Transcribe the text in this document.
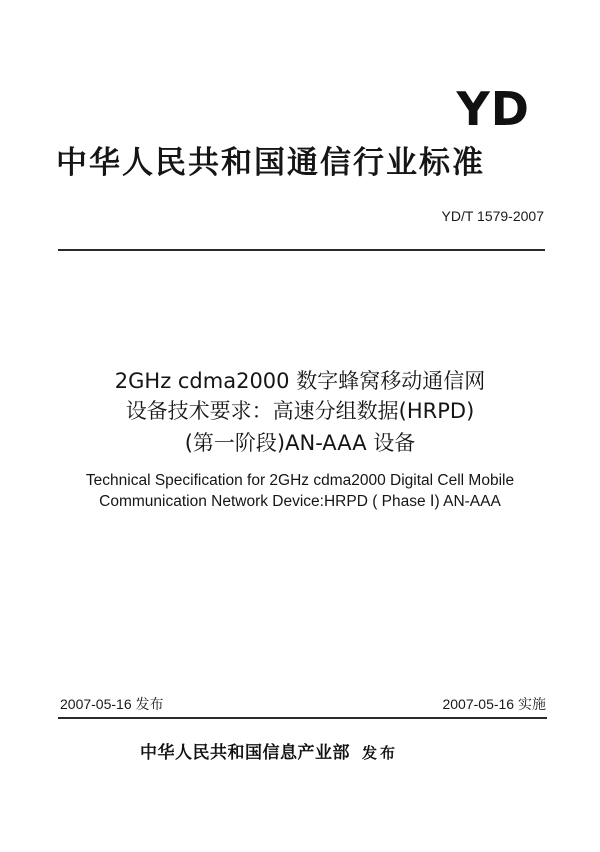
YD
中华人民共和国通信行业标准
YD/T 1579-2007
2GHz cdma2000 数字蜂窝移动通信网
设备技术要求：高速分组数据(HRPD)
(第一阶段)AN-AAA 设备
Technical Specification for 2GHz cdma2000 Digital Cell Mobile
Communication Network Device:HRPD ( Phase Ⅰ) AN-AAA
2007-05-16 发布	2007-05-16 实施
中华人民共和国信息产业部 发布
